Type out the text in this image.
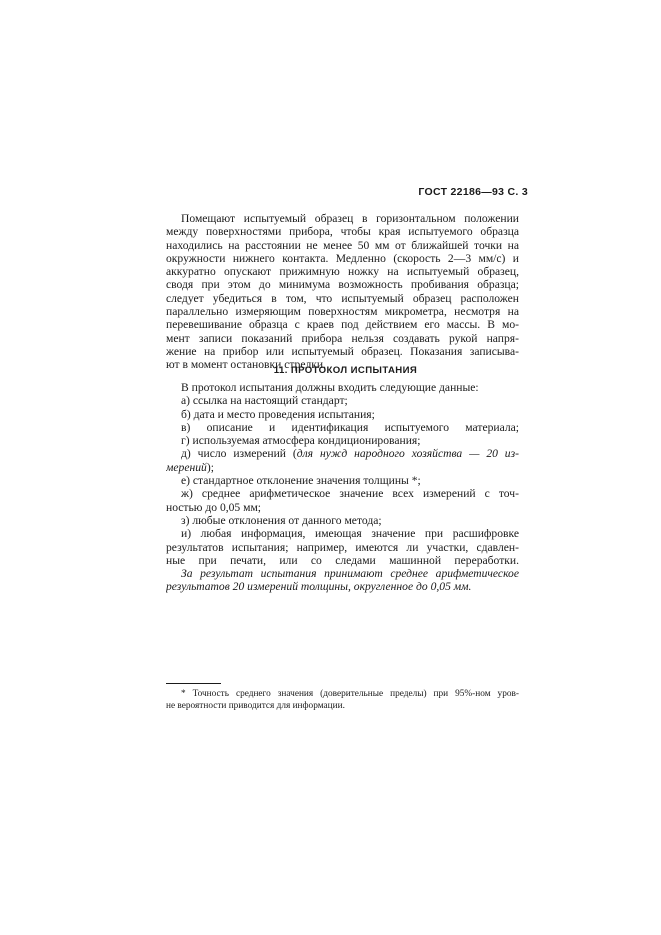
ГОСТ 22186—93 С. 3
Помещают испытуемый образец в горизонтальном положении
между поверхностями прибора, чтобы края испытуемого образца
находились на расстоянии не менее 50 мм от ближайшей точки на
окружности нижнего контакта. Медленно (скорость 2—3 мм/с) и
аккуратно опускают прижимную ножку на испытуемый образец,
сводя при этом до минимума возможность пробивания образца;
следует убедиться в том, что испытуемый образец расположен
параллельно измеряющим поверхностям микрометра, несмотря на
перевешивание образца с краев под действием его массы. В мо-
мент записи показаний прибора нельзя создавать рукой напря-
жение на прибор или испытуемый образец. Показания записыва-
ют в момент остановки стрелки.
11. ПРОТОКОЛ ИСПЫТАНИЯ
В протокол испытания должны входить следующие данные:
а) ссылка на настоящий стандарт;
б) дата и место проведения испытания;
в) описание и идентификация испытуемого материала;
г) используемая атмосфера кондиционирования;
д) число измерений (для нужд народного хозяйства — 20 из-
мерений);
е) стандартное отклонение значения толщины *;
ж) среднее арифметическое значение всех измерений с точ-
ностью до 0,05 мм;
з) любые отклонения от данного метода;
и) любая информация, имеющая значение при расшифровке
результатов испытания; например, имеются ли участки, сдавлен-
ные при печати, или со следами машинной переработки.
За результат испытания принимают среднее арифметическое
результатов 20 измерений толщины, округленное до 0,05 мм.
* Точность среднего значения (доверительные пределы) при 95%-ном уров-
не вероятности приводится для информации.
